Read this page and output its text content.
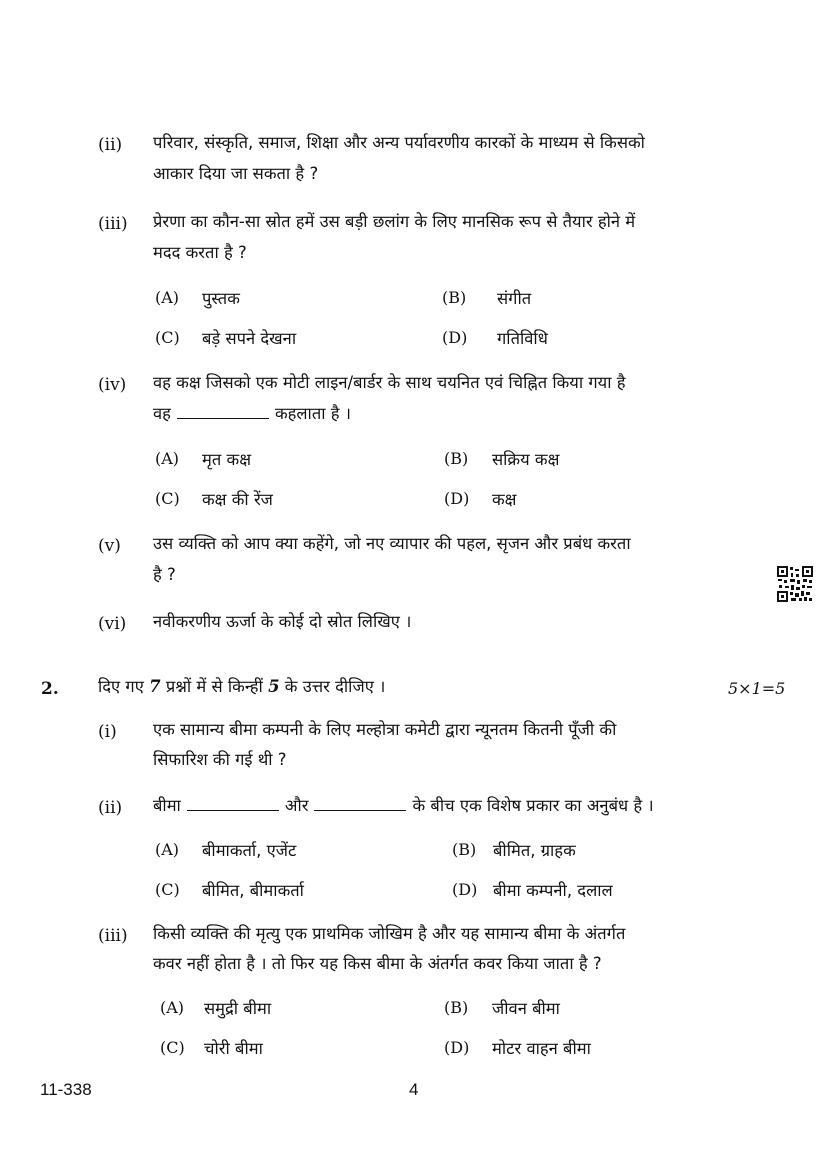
(ii) परिवार, संस्कृति, समाज, शिक्षा और अन्य पर्यावरणीय कारकों के माध्यम से किसको
आकार दिया जा सकता है ?
(iii) प्रेरणा का कौन-सा स्रोत हमें उस बड़ी छलांग के लिए मानसिक रूप से तैयार होने में
मदद करता है ?
(A) पुस्तक	(B) संगीत
(C) बड़े सपने देखना	(D) गतिविधि
(iv) वह कक्ष जिसको एक मोटी लाइन/बार्डर के साथ चयनित एवं चिह्नित किया गया है
वह	कहलाता है ।
(A) मृत कक्ष	(B) सक्रिय कक्ष
(C) कक्ष की रेंज	(D) कक्ष
(v) उस व्यक्ति को आप क्या कहेंगे, जो नए व्यापार की पहल, सृजन और प्रबंध करता
है ?
(vi) नवीकरणीय ऊर्जा के कोई दो स्रोत लिखिए ।
2. दिए गए 7 प्रश्नों में से किन्हीं 5 के उत्तर दीजिए ।	5×1=5
(i) एक सामान्य बीमा कम्पनी के लिए मल्होत्रा कमेटी द्वारा न्यूनतम कितनी पूँजी की
सिफारिश की गई थी ?
(ii) बीमा	और	के बीच एक विशेष प्रकार का अनुबंध है ।
(A) बीमाकर्ता, एजेंट	(B) बीमित, ग्राहक
(C) बीमित, बीमाकर्ता	(D) बीमा कम्पनी, दलाल
(iii) किसी व्यक्ति की मृत्यु एक प्राथमिक जोखिम है और यह सामान्य बीमा के अंतर्गत
कवर नहीं होता है । तो फिर यह किस बीमा के अंतर्गत कवर किया जाता है ?
(A) समुद्री बीमा	(B) जीवन बीमा
(C) चोरी बीमा	(D) मोटर वाहन बीमा
11-338	4
